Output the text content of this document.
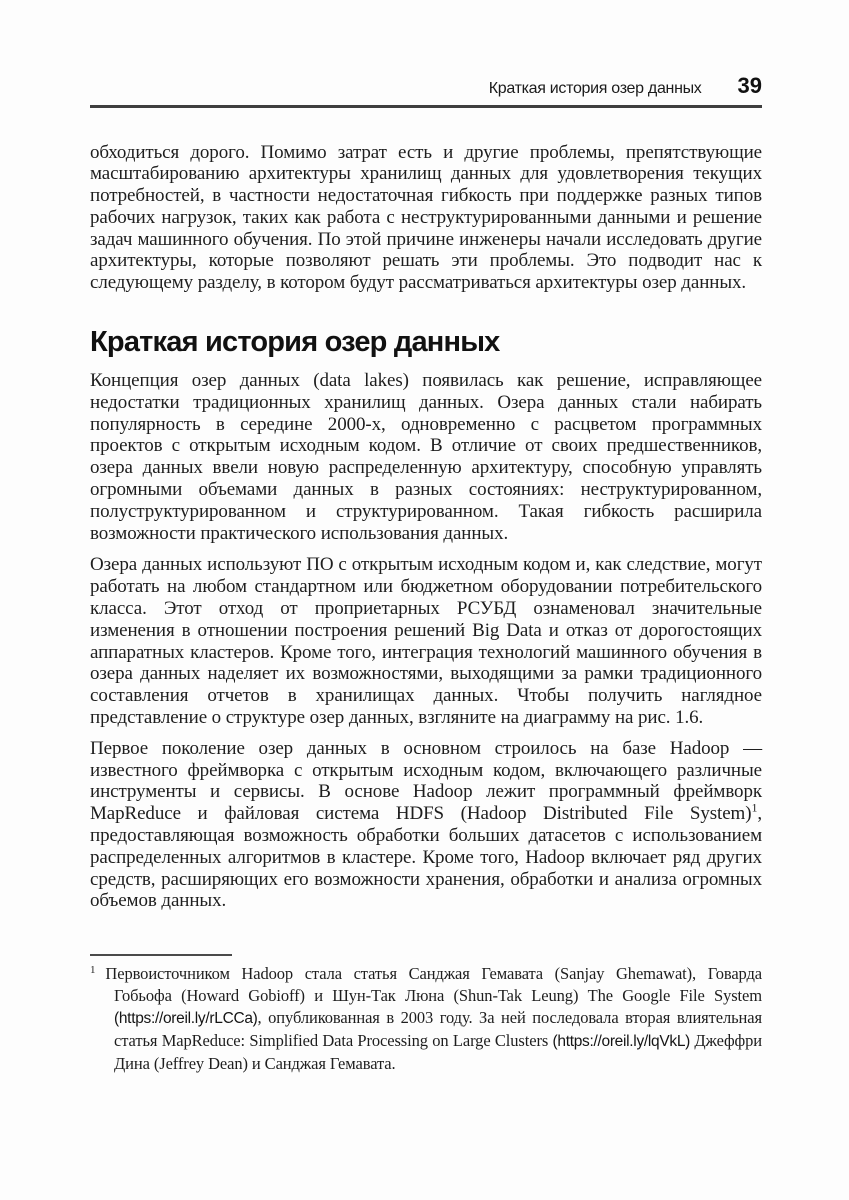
Краткая история озер данных 39

обходиться дорого. Помимо затрат есть и другие проблемы, препятствующие масштабированию архитектуры хранилищ данных для удовлетворения текущих потребностей, в частности недостаточная гибкость при поддержке разных типов рабочих нагрузок, таких как работа с неструктурированными данными и решение задач машинного обучения. По этой причине инженеры начали исследовать другие архитектуры, которые позволяют решать эти проблемы. Это подводит нас к следующему разделу, в котором будут рассматриваться архитектуры озер данных.

Краткая история озер данных

Концепция озер данных (data lakes) появилась как решение, исправляющее недостатки традиционных хранилищ данных. Озера данных стали набирать популярность в середине 2000-х, одновременно с расцветом программных проектов с открытым исходным кодом. В отличие от своих предшественников, озера данных ввели новую распределенную архитектуру, способную управлять огромными объемами данных в разных состояниях: неструктурированном, полуструктурированном и структурированном. Такая гибкость расширила возможности практического использования данных.

Озера данных используют ПО с открытым исходным кодом и, как следствие, могут работать на любом стандартном или бюджетном оборудовании потребительского класса. Этот отход от проприетарных РСУБД ознаменовал значительные изменения в отношении построения решений Big Data и отказ от дорогостоящих аппаратных кластеров. Кроме того, интеграция технологий машинного обучения в озера данных наделяет их возможностями, выходящими за рамки традиционного составления отчетов в хранилищах данных. Чтобы получить наглядное представление о структуре озер данных, взгляните на диаграмму на рис. 1.6.

Первое поколение озер данных в основном строилось на базе Hadoop — известного фреймворка с открытым исходным кодом, включающего различные инструменты и сервисы. В основе Hadoop лежит программный фреймворк MapReduce и файловая система HDFS (Hadoop Distributed File System)$^1$, предоставляющая возможность обработки больших датасетов с использованием распределенных алгоритмов в кластере. Кроме того, Hadoop включает ряд других средств, расширяющих его возможности хранения, обработки и анализа огромных объемов данных.

$^1$ Первоисточником Hadoop стала статья Санджая Гемавата (Sanjay Ghemawat), Говарда Гобьофа (Howard Gobioff) и Шун-Так Люна (Shun-Tak Leung) The Google File System (https://oreil.ly/rLCCa), опубликованная в 2003 году. За ней последовала вторая влиятельная статья MapReduce: Simplified Data Processing on Large Clusters (https://oreil.ly/lqVkL) Джеффри Дина (Jeffrey Dean) и Санджая Гемавата.
